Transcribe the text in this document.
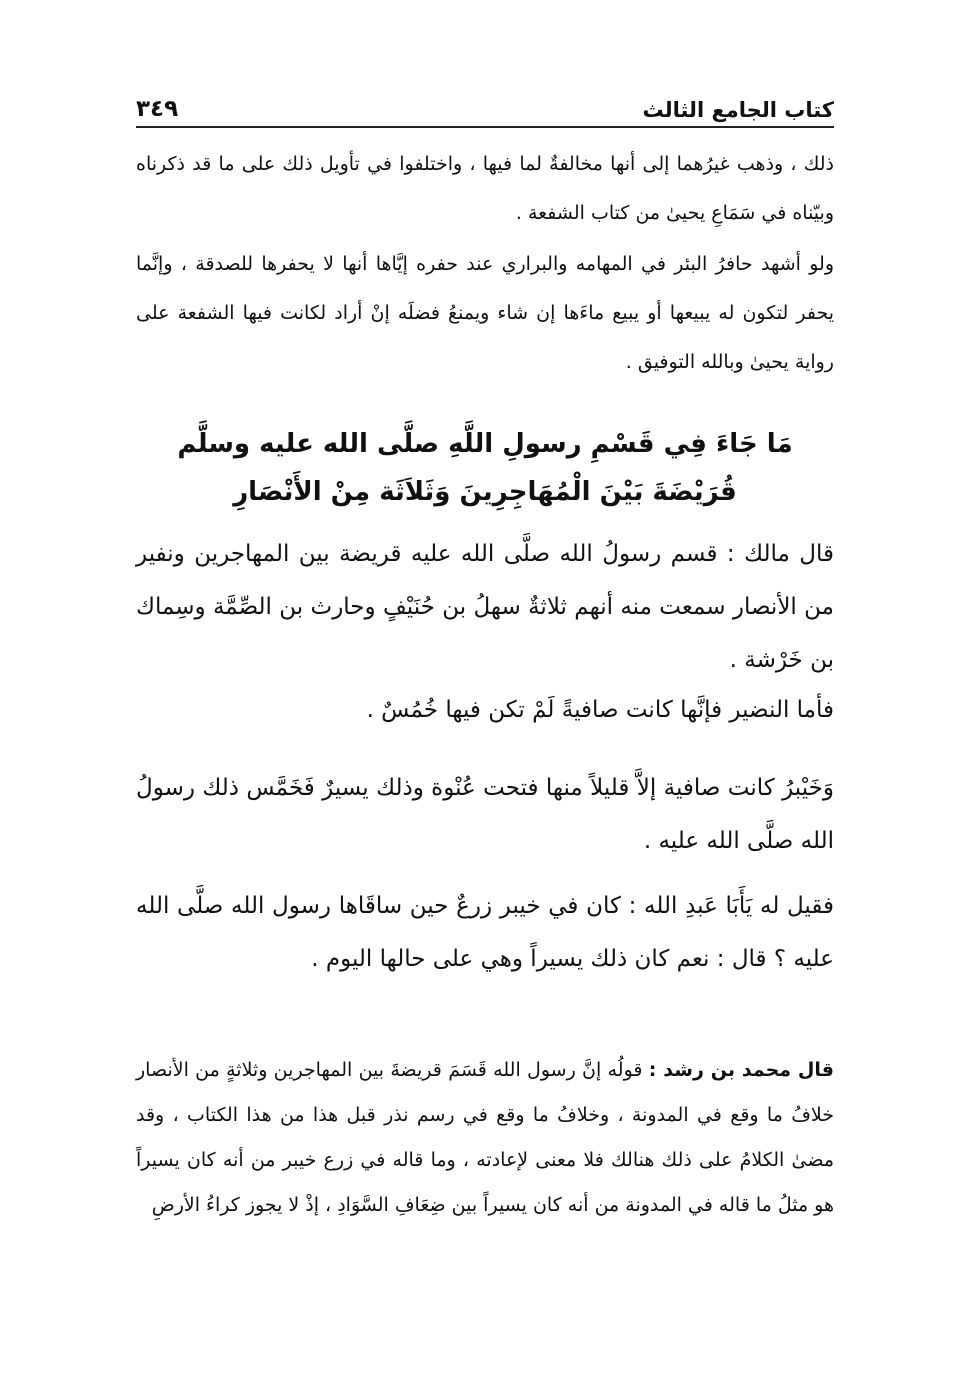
كتاب الجامع الثالث
٣٤٩

ذلك ، وذهب غيرُهما إلى أنها مخالفةٌ لما فيها ، واختلفوا في تأويل ذلك على ما قد ذكرناه وبيّناه في سَمَاعِ يحيىٰ من كتاب الشفعة .

ولو أشهد حافرُ البئر في المهامه والبراري عند حفره إيَّاها أنها لا يحفرها للصدقة ، وإنَّما يحفر لتكون له يبيعها أو يبيع ماءَها إن شاء ويمنعُ فضلَه إنْ أراد لكانت فيها الشفعة على رواية يحيىٰ وبالله التوفيق .

مَا جَاءَ فِي قَسْمِ رسولِ اللَّهِ صلَّى الله عليه وسلَّم
قُرَيْضَةَ بَيْنَ الْمُهَاجِرِينَ وَثَلاَثَة مِنْ الأَنْصَارِ

قال مالك : قسم رسولُ الله صلَّى الله عليه قريضة بين المهاجرين ونفير من الأنصار سمعت منه أنهم ثلاثةٌ سهلُ بن حُنَيْفٍ وحارث بن الصِّمَّة وسِماك بن خَرْشة .

فأما النضير فإنَّها كانت صافيةً لَمْ تكن فيها خُمُسٌ .

وَخَيْبرُ كانت صافية إلاَّ قليلاً منها فتحت عُنْوة وذلك يسيرٌ فَخَمَّس ذلك رسولُ الله صلَّى الله عليه .

فقيل له يَأَبَا عَبدِ الله : كان في خيبر زرعٌ حين ساقَاها رسول الله صلَّى الله عليه ؟ قال : نعم كان ذلك يسيراً وهي على حالها اليوم .

قال محمد بن رشد : قولُه إنَّ رسول الله قَسَمَ قريضةَ بين المهاجرين وثلاثةٍ من الأنصار خلافُ ما وقع في المدونة ، وخلافُ ما وقع في رسم نذر قبل هذا من هذا الكتاب ، وقد مضىٰ الكلامُ على ذلك هنالك فلا معنى لإعادته ، وما قاله في زرع خيبر من أنه كان يسيراً هو مثلُ ما قاله في المدونة من أنه كان يسيراً بين ضِعَافِ السَّوَادِ ، إذْ لا يجوز كراءُ الأرضِ
